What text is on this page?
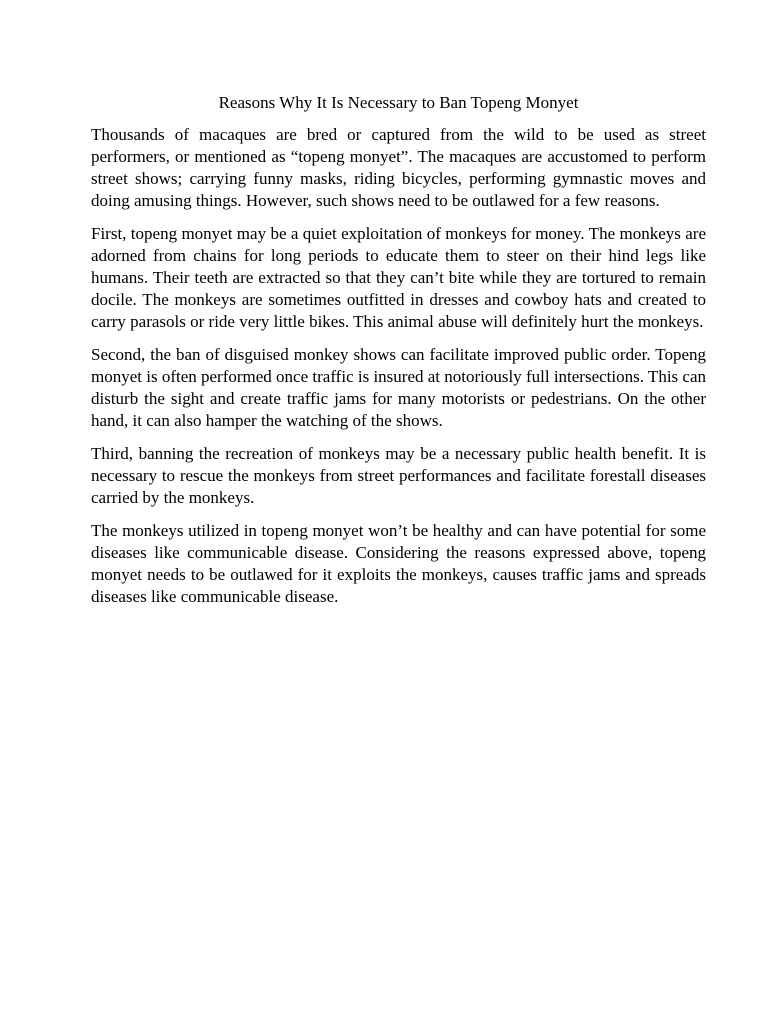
Reasons Why It Is Necessary to Ban Topeng Monyet

Thousands of macaques are bred or captured from the wild to be used as street performers, or mentioned as “topeng monyet”. The macaques are accustomed to perform street shows; carrying funny masks, riding bicycles, performing gymnastic moves and doing amusing things. However, such shows need to be outlawed for a few reasons.

First, topeng monyet may be a quiet exploitation of monkeys for money. The monkeys are adorned from chains for long periods to educate them to steer on their hind legs like humans. Their teeth are extracted so that they can’t bite while they are tortured to remain docile. The monkeys are sometimes outfitted in dresses and cowboy hats and created to carry parasols or ride very little bikes. This animal abuse will definitely hurt the monkeys.

Second, the ban of disguised monkey shows can facilitate improved public order. Topeng monyet is often performed once traffic is insured at notoriously full intersections. This can disturb the sight and create traffic jams for many motorists or pedestrians. On the other hand, it can also hamper the watching of the shows.

Third, banning the recreation of monkeys may be a necessary public health benefit. It is necessary to rescue the monkeys from street performances and facilitate forestall diseases carried by the monkeys.

The monkeys utilized in topeng monyet won’t be healthy and can have potential for some diseases like communicable disease. Considering the reasons expressed above, topeng monyet needs to be outlawed for it exploits the monkeys, causes traffic jams and spreads diseases like communicable disease.
